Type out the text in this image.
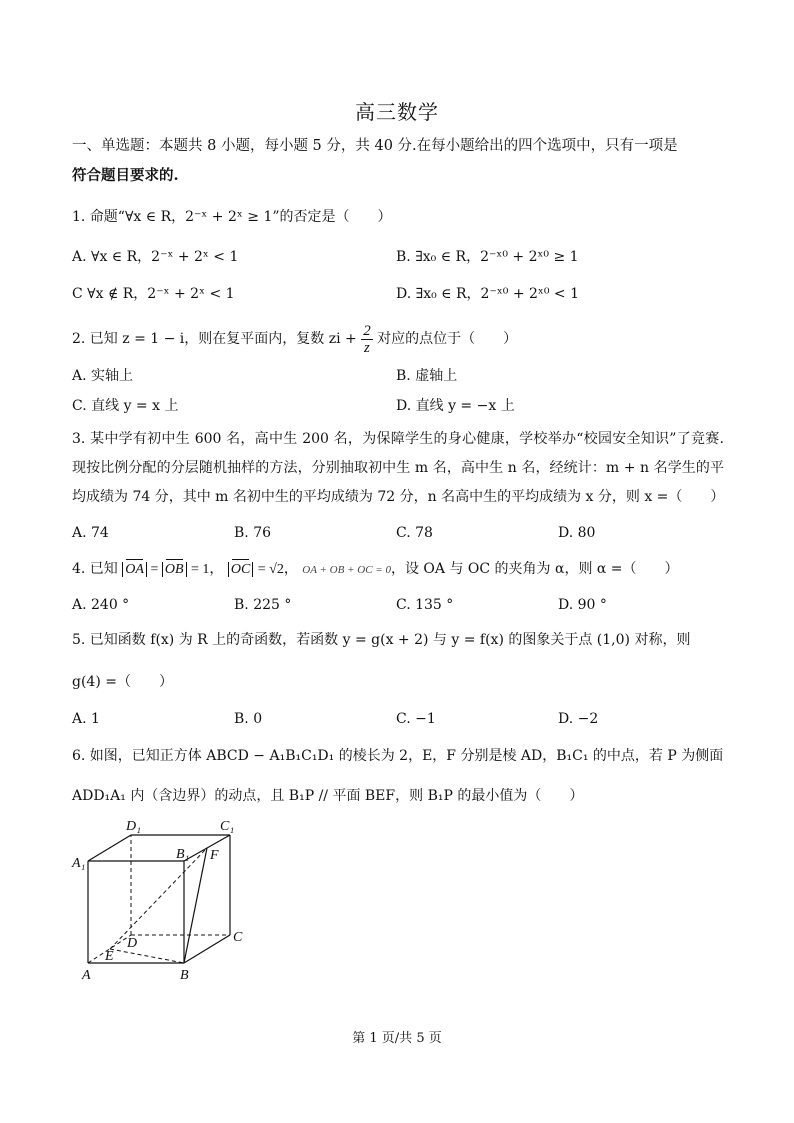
高三数学
一、单选题：本题共 8 小题，每小题 5 分，共 40 分.在每小题给出的四个选项中，只有一项是
符合题目要求的.
1. 命题“∀x ∈ R，2⁻ˣ + 2ˣ ≥ 1”的否定是（　　）
A. ∀x ∈ R，2⁻ˣ + 2ˣ < 1	B. ∃x₀ ∈ R，2⁻ˣ⁰ + 2ˣ⁰ ≥ 1
C ∀x ∉ R，2⁻ˣ + 2ˣ < 1	D. ∃x₀ ∈ R，2⁻ˣ⁰ + 2ˣ⁰ < 1
2. 已知 z = 1 − i，则在复平面内，复数 zi + $\frac{2}{z}$ 对应的点位于（　　）
A. 实轴上	B. 虚轴上
C. 直线 y = x 上	D. 直线 y = −x 上
3. 某中学有初中生 600 名，高中生 200 名，为保障学生的身心健康，学校举办“校园安全知识”了竞赛.现按比例分配的分层随机抽样的方法，分别抽取初中生 m 名，高中生 n 名，经统计：m + n 名学生的平均成绩为 74 分，其中 m 名初中生的平均成绩为 72 分，n 名高中生的平均成绩为 x 分，则 x =（　　）
A. 74	B. 76	C. 78	D. 80
4. 已知 OA = OB = 1， OC = √2， OA + OB + OC = 0，设 OA 与 OC 的夹角为 α，则 α =（　　）
A. 240 °	B. 225 °	C. 135 °	D. 90 °
5. 已知函数 f(x) 为 R 上的奇函数，若函数 y = g(x + 2) 与 y = f(x) 的图象关于点 (1,0) 对称，则
g(4) =（　　）
A. 1	B. 0	C. −1	D. −2
6. 如图，已知正方体 ABCD − A₁B₁C₁D₁ 的棱长为 2，E，F 分别是棱 AD，B₁C₁ 的中点，若 P 为侧面
ADD₁A₁ 内（含边界）的动点，且 B₁P // 平面 BEF，则 B₁P 的最小值为（　　）
D₁	C₁
A₁
B₁ F
D	C
E
A	B
第 1 页/共 5 页
